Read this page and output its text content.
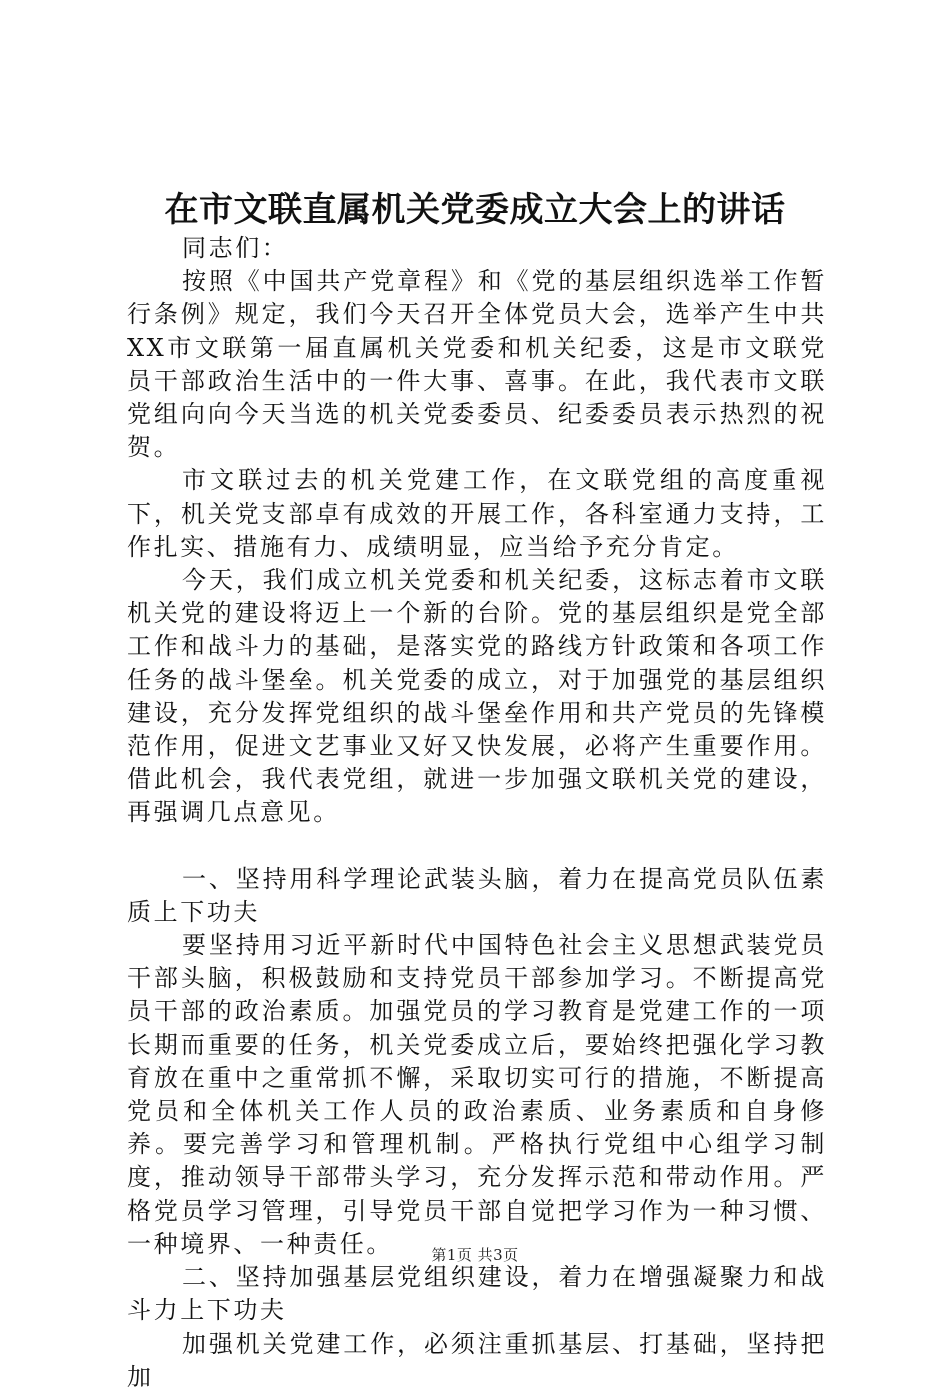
在市文联直属机关党委成立大会上的讲话

同志们：

按照《中国共产党章程》和《党的基层组织选举工作暂行条例》规定，我们今天召开全体党员大会，选举产生中共XX市文联第一届直属机关党委和机关纪委，这是市文联党员干部政治生活中的一件大事、喜事。在此，我代表市文联党组向向今天当选的机关党委委员、纪委委员表示热烈的祝贺。

市文联过去的机关党建工作，在文联党组的高度重视下，机关党支部卓有成效的开展工作，各科室通力支持，工作扎实、措施有力、成绩明显，应当给予充分肯定。

今天，我们成立机关党委和机关纪委，这标志着市文联机关党的建设将迈上一个新的台阶。党的基层组织是党全部工作和战斗力的基础，是落实党的路线方针政策和各项工作任务的战斗堡垒。机关党委的成立，对于加强党的基层组织建设，充分发挥党组织的战斗堡垒作用和共产党员的先锋模范作用，促进文艺事业又好又快发展，必将产生重要作用。借此机会，我代表党组，就进一步加强文联机关党的建设，再强调几点意见。

一、坚持用科学理论武装头脑，着力在提高党员队伍素质上下功夫

要坚持用习近平新时代中国特色社会主义思想武装党员干部头脑，积极鼓励和支持党员干部参加学习。不断提高党员干部的政治素质。加强党员的学习教育是党建工作的一项长期而重要的任务，机关党委成立后，要始终把强化学习教育放在重中之重常抓不懈，采取切实可行的措施，不断提高党员和全体机关工作人员的政治素质、业务素质和自身修养。要完善学习和管理机制。严格执行党组中心组学习制度，推动领导干部带头学习，充分发挥示范和带动作用。严格党员学习管理，引导党员干部自觉把学习作为一种习惯、一种境界、一种责任。

二、坚持加强基层党组织建设，着力在增强凝聚力和战斗力上下功夫

加强机关党建工作，必须注重抓基层、打基础，坚持把加

第1页 共3页
